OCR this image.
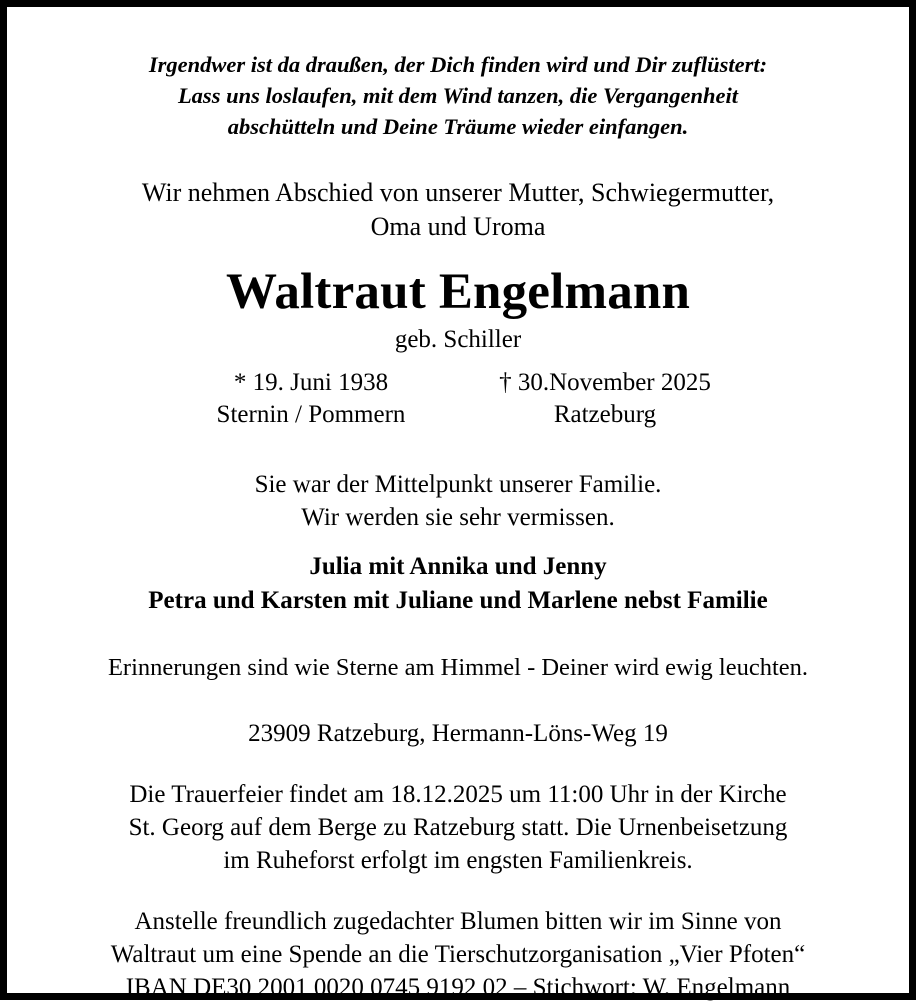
Irgendwer ist da draußen, der Dich finden wird und Dir zuflüstert:
Lass uns loslaufen, mit dem Wind tanzen, die Vergangenheit
abschütteln und Deine Träume wieder einfangen.
Wir nehmen Abschied von unserer Mutter, Schwiegermutter,
Oma und Uroma
Waltraut Engelmann
geb. Schiller
* 19. Juni 1938	† 30.November 2025
Sternin / Pommern	Ratzeburg
Sie war der Mittelpunkt unserer Familie.
Wir werden sie sehr vermissen.
Julia mit Annika und Jenny
Petra und Karsten mit Juliane und Marlene nebst Familie
Erinnerungen sind wie Sterne am Himmel - Deiner wird ewig leuchten.
23909 Ratzeburg, Hermann-Löns-Weg 19
Die Trauerfeier findet am 18.12.2025 um 11:00 Uhr in der Kirche
St. Georg auf dem Berge zu Ratzeburg statt. Die Urnenbeisetzung
im Ruheforst erfolgt im engsten Familienkreis.
Anstelle freundlich zugedachter Blumen bitten wir im Sinne von
Waltraut um eine Spende an die Tierschutzorganisation „Vier Pfoten“
IBAN DE30 2001 0020 0745 9192 02 – Stichwort: W. Engelmann
